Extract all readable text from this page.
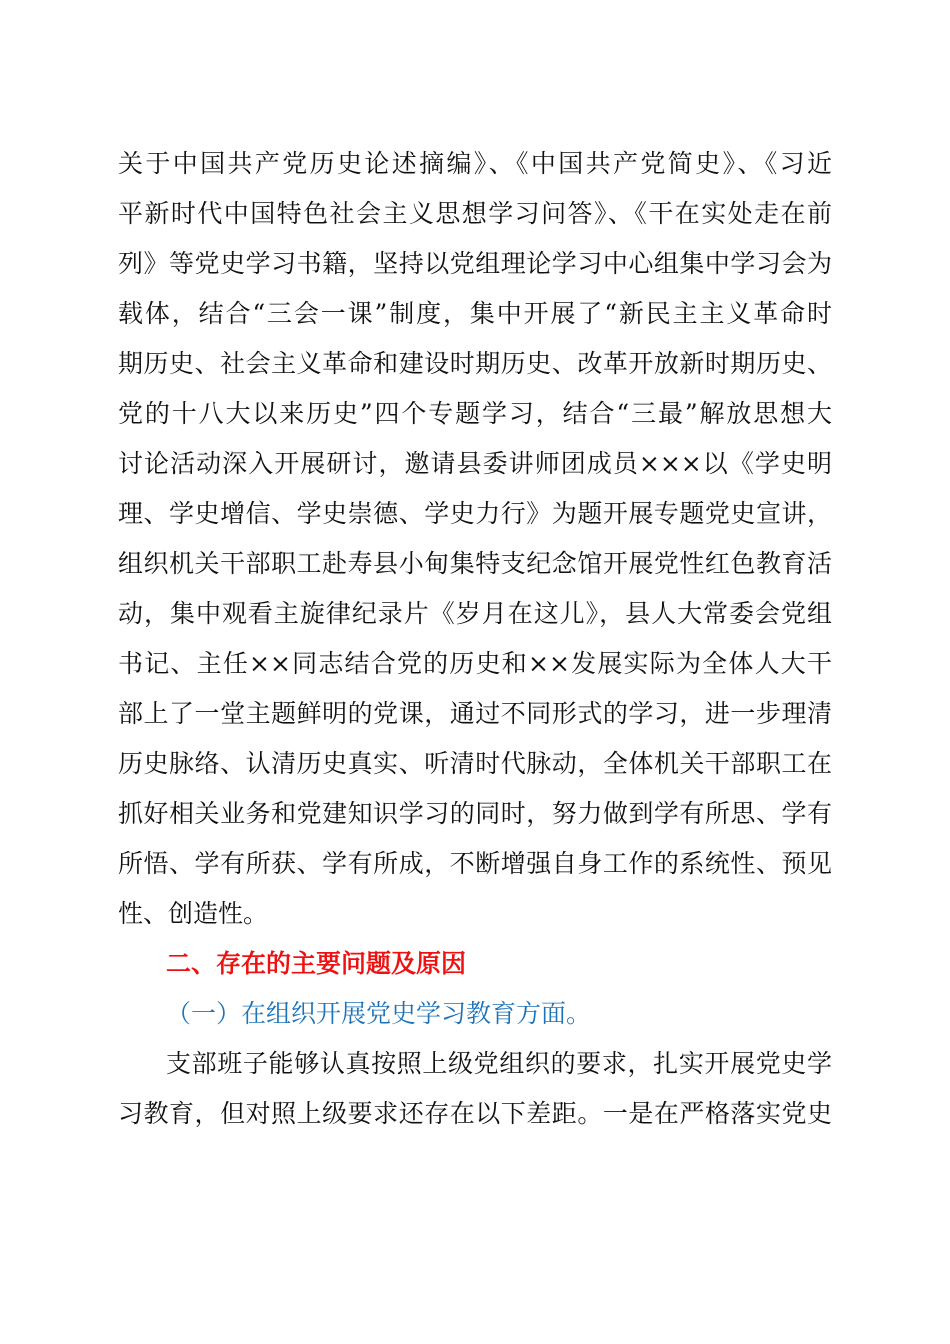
关于中国共产党历史论述摘编》、《中国共产党简史》、《习近
平新时代中国特色社会主义思想学习问答》、《干在实处走在前
列》等党史学习书籍，坚持以党组理论学习中心组集中学习会为
载体，结合“三会一课”制度，集中开展了“新民主主义革命时
期历史、社会主义革命和建设时期历史、改革开放新时期历史、
党的十八大以来历史”四个专题学习，结合“三最”解放思想大
讨论活动深入开展研讨，邀请县委讲师团成员×××以《学史明
理、学史增信、学史崇德、学史力行》为题开展专题党史宣讲，
组织机关干部职工赴寿县小甸集特支纪念馆开展党性红色教育活
动，集中观看主旋律纪录片《岁月在这儿》，县人大常委会党组
书记、主任××同志结合党的历史和××发展实际为全体人大干
部上了一堂主题鲜明的党课，通过不同形式的学习，进一步理清
历史脉络、认清历史真实、听清时代脉动，全体机关干部职工在
抓好相关业务和党建知识学习的同时，努力做到学有所思、学有
所悟、学有所获、学有所成，不断增强自身工作的系统性、预见
性、创造性。
二、存在的主要问题及原因
（一）在组织开展党史学习教育方面。
支部班子能够认真按照上级党组织的要求，扎实开展党史学
习教育，但对照上级要求还存在以下差距。一是在严格落实党史
